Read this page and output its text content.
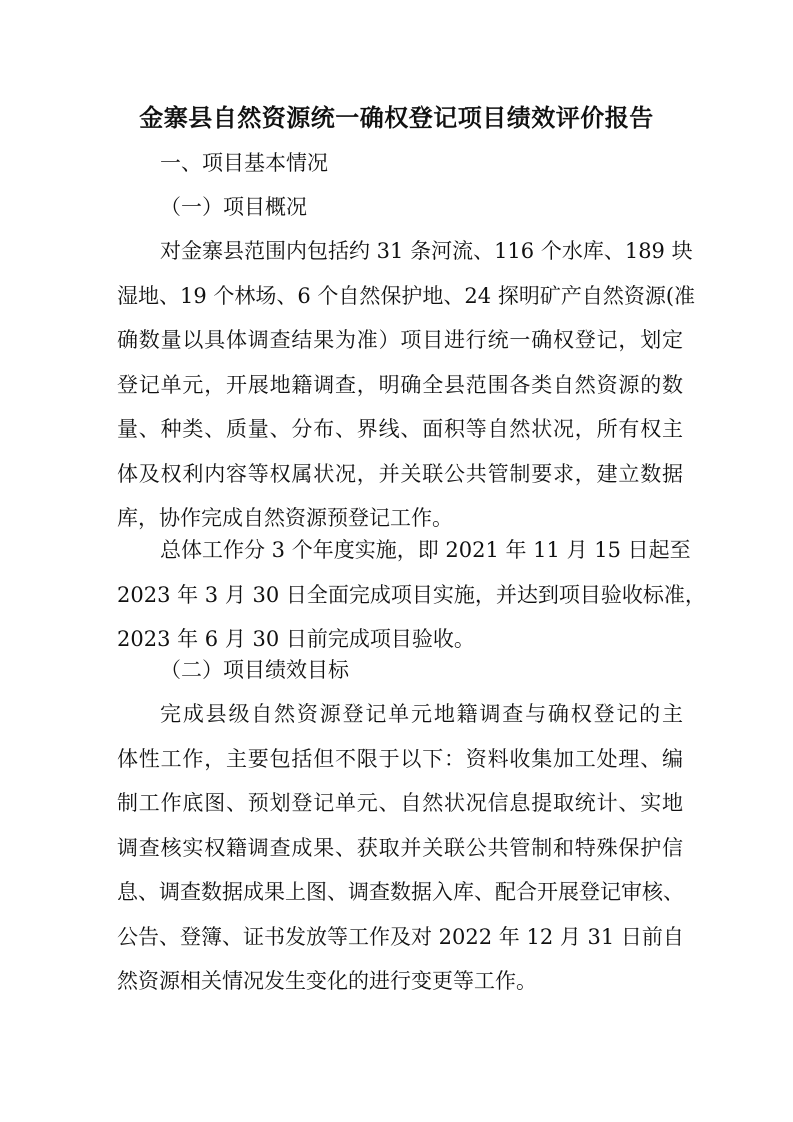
金寨县自然资源统一确权登记项目绩效评价报告

一、项目基本情况

（一）项目概况

对金寨县范围内包括约 31 条河流、116 个水库、189 块
湿地、19 个林场、6 个自然保护地、24 探明矿产自然资源(准
确数量以具体调查结果为准）项目进行统一确权登记，划定
登记单元，开展地籍调查，明确全县范围各类自然资源的数
量、种类、质量、分布、界线、面积等自然状况，所有权主
体及权利内容等权属状况，并关联公共管制要求，建立数据
库，协作完成自然资源预登记工作。
总体工作分 3 个年度实施，即 2021 年 11 月 15 日起至
2023 年 3 月 30 日全面完成项目实施，并达到项目验收标准，
2023 年 6 月 30 日前完成项目验收。

（二）项目绩效目标

完成县级自然资源登记单元地籍调查与确权登记的主
体性工作，主要包括但不限于以下：资料收集加工处理、编
制工作底图、预划登记单元、自然状况信息提取统计、实地
调查核实权籍调查成果、获取并关联公共管制和特殊保护信
息、调查数据成果上图、调查数据入库、配合开展登记审核、
公告、登簿、证书发放等工作及对 2022 年 12 月 31 日前自
然资源相关情况发生变化的进行变更等工作。
